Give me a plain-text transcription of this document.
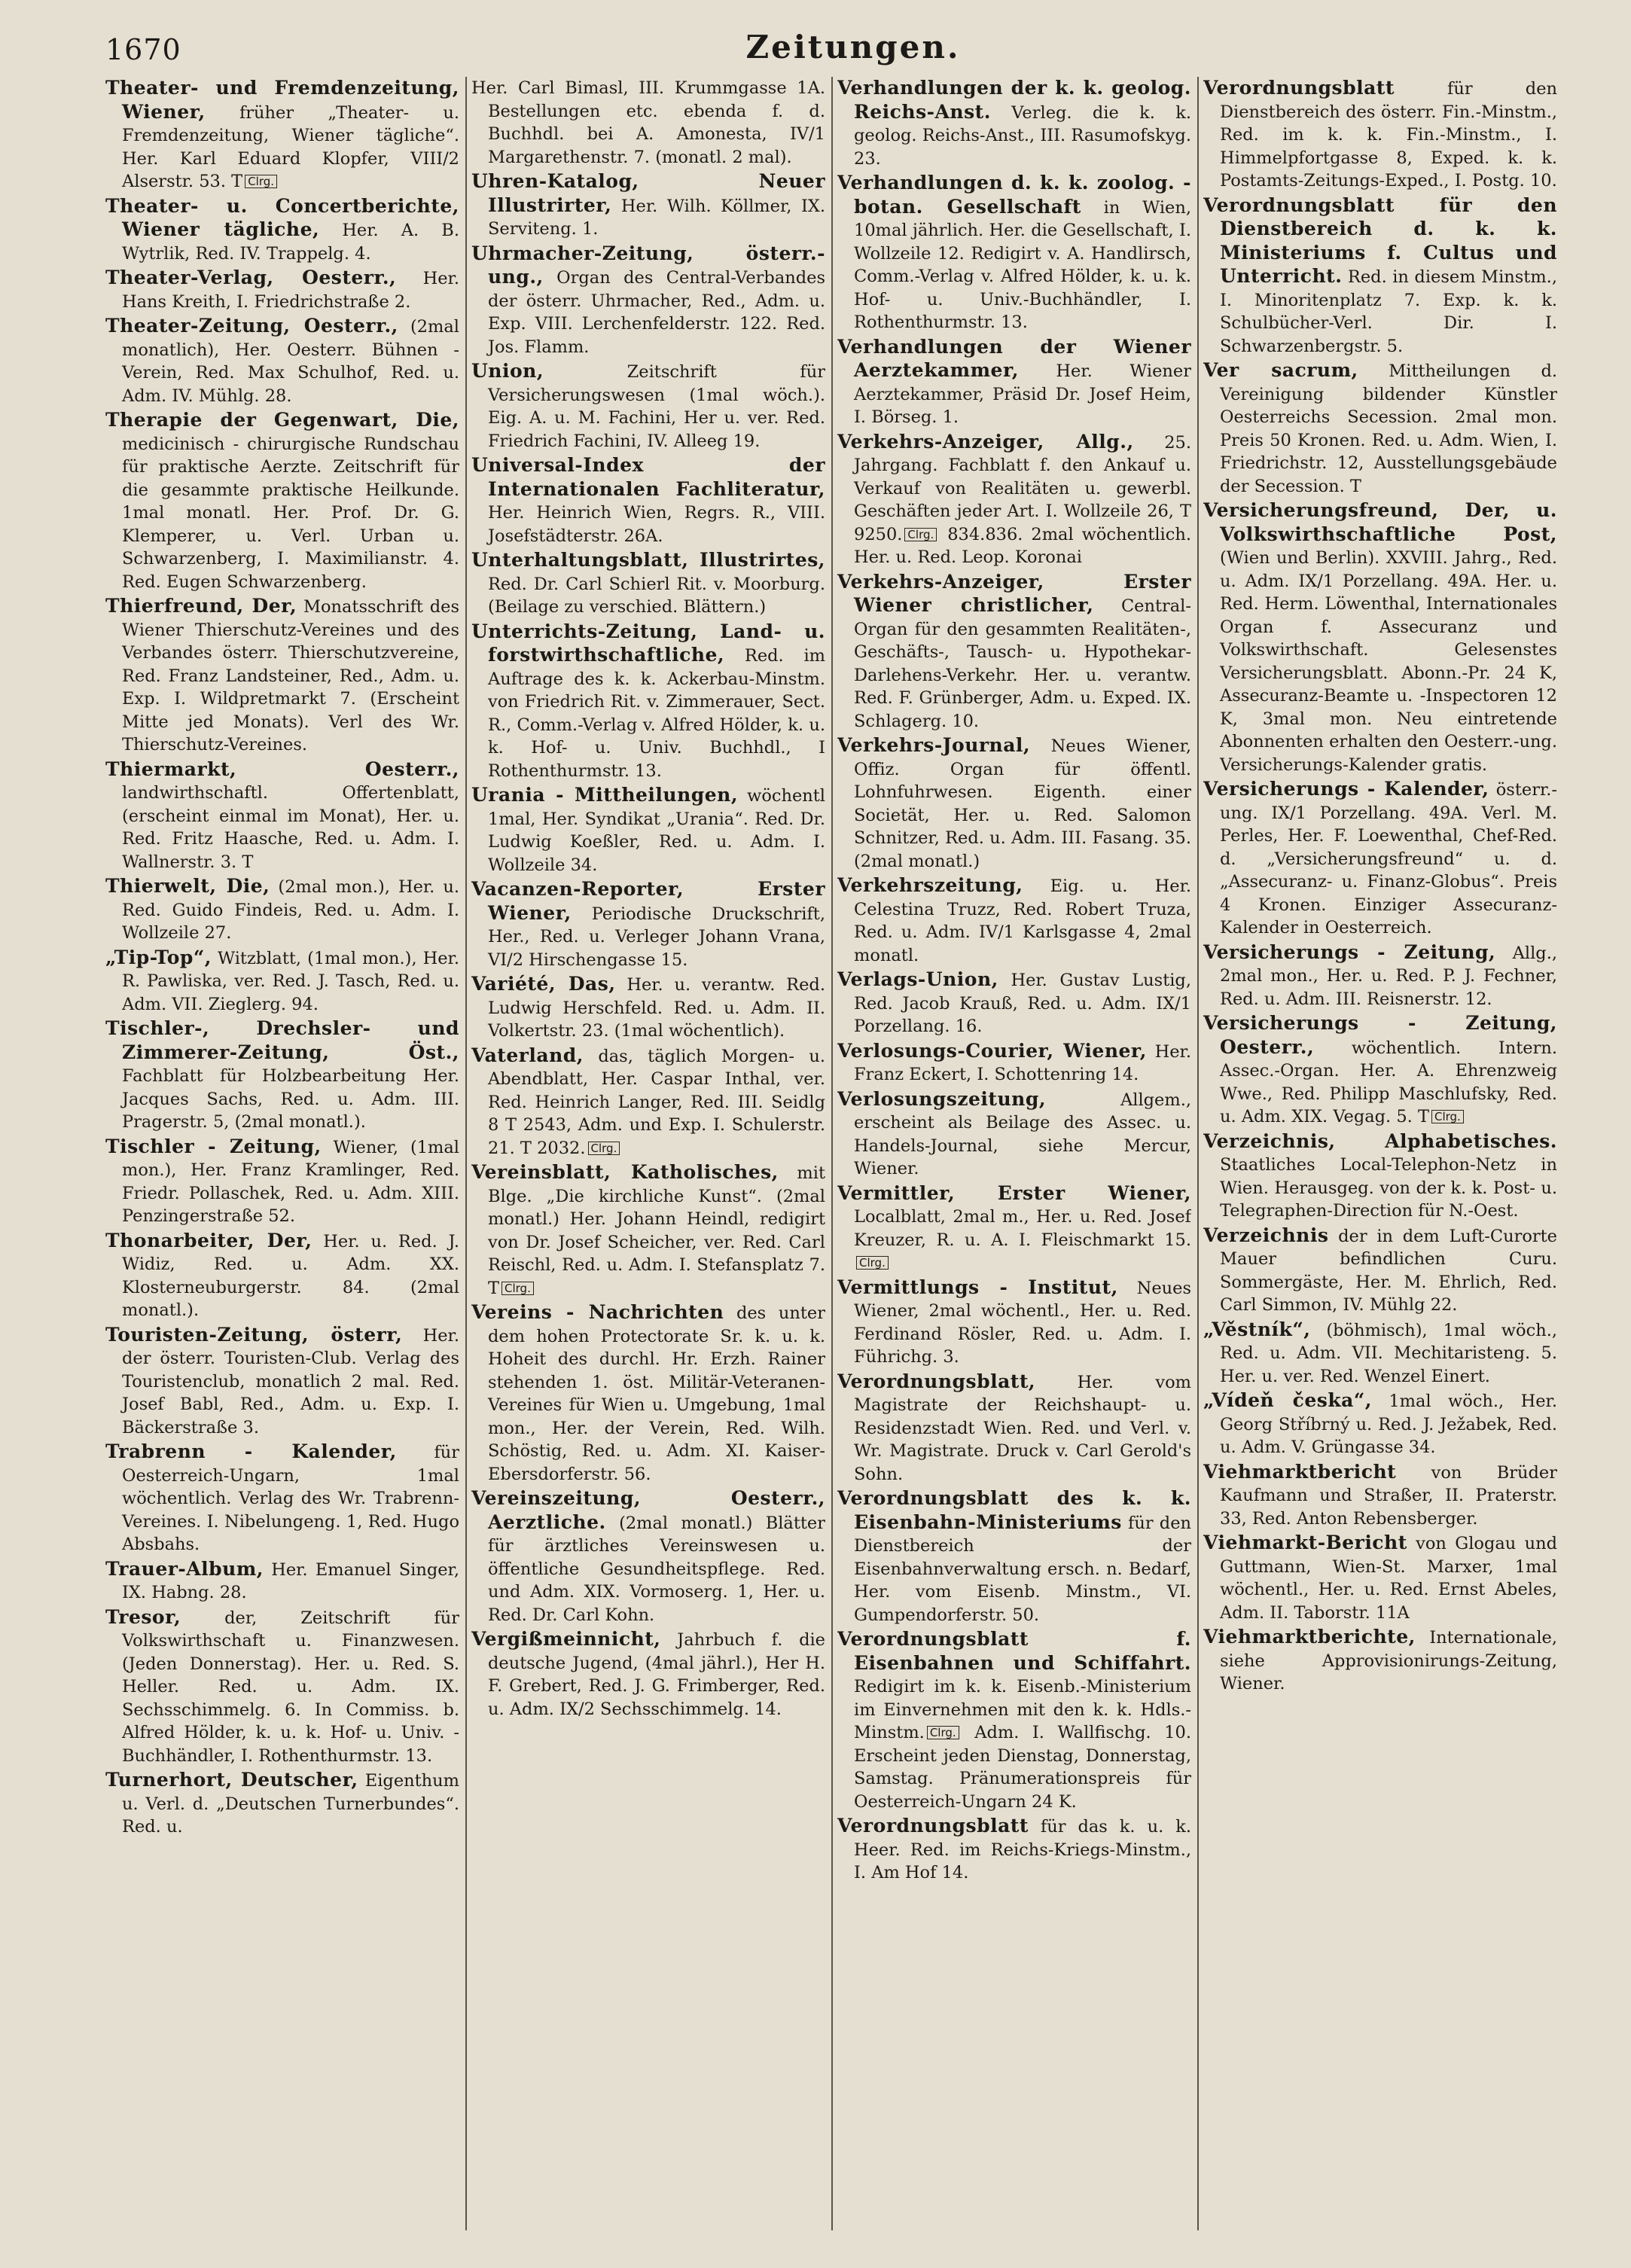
1670	Zeitungen.

Theater- und Fremdenzeitung, Wiener, früher „Theater- u. Fremdenzeitung, Wiener tägliche“. Her. Karl Eduard Klopfer, VIII/2 Alserstr. 53. T Clrg.

Theater- u. Concertberichte, Wiener tägliche, Her. A. B. Wytrlik, Red. IV. Trappelg. 4.

Theater-Verlag, Oesterr., Her. Hans Kreith, I. Friedrichstraße 2.

Theater-Zeitung, Oesterr., (2mal monatlich), Her. Oesterr. Bühnen - Verein, Red. Max Schulhof, Red. u. Adm. IV. Mühlg. 28.

Therapie der Gegenwart, Die, medicinisch - chirurgische Rundschau für praktische Aerzte. Zeitschrift für die gesammte praktische Heilkunde. 1mal monatl. Her. Prof. Dr. G. Klemperer, u. Verl. Urban u. Schwarzenberg, I. Maximilianstr. 4. Red. Eugen Schwarzenberg.

Thierfreund, Der, Monatsschrift des Wiener Thierschutz-Vereines und des Verbandes österr. Thierschutzvereine, Red. Franz Landsteiner, Red., Adm. u. Exp. I. Wildpretmarkt 7. (Erscheint Mitte jed Monats). Verl des Wr. Thierschutz-Vereines.

Thiermarkt, Oesterr., landwirthschaftl. Offertenblatt, (erscheint einmal im Monat), Her. u. Red. Fritz Haasche, Red. u. Adm. I. Wallnerstr. 3. T

Thierwelt, Die, (2mal mon.), Her. u. Red. Guido Findeis, Red. u. Adm. I. Wollzeile 27.

„Tip-Top“, Witzblatt, (1mal mon.), Her. R. Pawliska, ver. Red. J. Tasch, Red. u. Adm. VII. Zieglerg. 94.

Tischler-, Drechsler- und Zimmerer-Zeitung, Öst., Fachblatt für Holzbearbeitung Her. Jacques Sachs, Red. u. Adm. III. Pragerstr. 5, (2mal monatl.).

Tischler - Zeitung, Wiener, (1mal mon.), Her. Franz Kramlinger, Red. Friedr. Pollaschek, Red. u. Adm. XIII. Penzingerstraße 52.

Thonarbeiter, Der, Her. u. Red. J. Widiz, Red. u. Adm. XX. Klosterneuburgerstr. 84. (2mal monatl.).

Touristen-Zeitung, österr, Her. der österr. Touristen-Club. Verlag des Touristenclub, monatlich 2 mal. Red. Josef Babl, Red., Adm. u. Exp. I. Bäckerstraße 3.

Trabrenn - Kalender, für Oesterreich-Ungarn, 1mal wöchentlich. Verlag des Wr. Trabrenn-Vereines. I. Nibelungeng. 1, Red. Hugo Absbahs.

Trauer-Album, Her. Emanuel Singer, IX. Habng. 28.

Tresor,	der, Zeitschrift für Volkswirthschaft u. Finanzwesen. (Jeden Donnerstag). Her. u. Red. S. Heller. Red. u. Adm. IX. Sechsschimmelg. 6. In Commiss. b. Alfred Hölder, k. u. k. Hof- u. Univ. - Buchhändler, I. Rothenthurmstr. 13.

Turnerhort, Deutscher, Eigenthum u. Verl. d. „Deutschen Turnerbundes“. Red. u.

Her. Carl Bimasl, III. Krummgasse 1A. Bestellungen etc. ebenda f. d. Buchhdl. bei A. Amonesta, IV/1 Margarethenstr. 7. (monatl. 2 mal).

Uhren-Katalog, Neuer Illustrirter, Her. Wilh. Köllmer, IX. Servitеng. 1.

Uhrmacher-Zeitung, österr.-ung., Organ des Central-Verbandes der österr. Uhrmacher, Red., Adm. u. Exp. VIII. Lerchenfelderstr. 122. Red. Jos. Flamm.

Union,	Zeitschrift für Versicherungswesen (1mal wöch.). Eig. A. u. M. Fachini, Her u. ver. Red. Friedrich Fachini, IV. Alleeg 19.

Universal-Index der Internationalen Fachliteratur, Her. Heinrich Wien, Regrs. R., VIII. Josefstädterstr. 26A.

Unterhaltungsblatt, Illustrirtes, Red. Dr. Carl Schierl Rit. v. Moorburg. (Beilage zu verschied. Blättern.)

Unterrichts-Zeitung, Land- u. forstwirthschaftliche, Red. im Auftrage des k. k. Ackerbau-Minstm. von Friedrich Rit. v. Zimmerauer, Sect. R., Comm.-Verlag v. Alfred Hölder, k. u. k. Hof- u. Univ. Buchhdl., I Rothenthurmstr. 13.

Urania - Mittheilungen, wöchentl 1mal, Her. Syndikat „Urania“. Red. Dr. Ludwig Koeßler, Red. u. Adm. I. Wollzeile 34.

Vacanzen-Reporter, Erster Wiener, Periodische Druckschrift, Her., Red. u. Verleger Johann Vrana, VI/2 Hirschengasse 15.

Variété, Das, Her. u. verantw. Red. Ludwig Herschfeld. Red. u. Adm. II. Volkertstr. 23. (1mal wöchentlich).

Vaterland, das, täglich Morgen- u. Abendblatt, Her. Caspar Inthal, ver. Red. Heinrich Langer, Red. III. Seidlg 8 T 2543, Adm. und Exp. I. Schulerstr. 21. T 2032. Clrg.

Vereinsblatt, Katholisches, mit Blge. „Die kirchliche Kunst“. (2mal monatl.) Her. Johann Heindl, redigirt von Dr. Josef Scheicher, ver. Red. Carl Reischl, Red. u. Adm. I. Stefansplatz 7. T Clrg.

Vereins - Nachrichten des unter dem hohen Protectorate Sr. k. u. k. Hoheit des durchl. Hr. Erzh. Rainer stehenden 1. öst. Militär-Veteranen-Vereines für Wien u. Umgebung, 1mal mon., Her. der Verein, Red. Wilh. Schöstig, Red. u. Adm. XI. Kaiser-Ebersdorferstr. 56.

Vereinszeitung, Oesterr., Aerztliche. (2mal monatl.) Blätter für ärztliches Vereinswesen u. öffentliche Gesundheitspflege. Red. und Adm. XIX. Vormoserg. 1, Her. u. Red. Dr. Carl Kohn.

Vergißmeinnicht, Jahrbuch f. die deutsche Jugend, (4mal jährl.), Her H. F. Grebert, Red. J. G. Frimberger, Red. u. Adm. IX/2 Sechsschimmelg. 14.

Verhandlungen der k. k. geolog. Reichs-Anst. Verleg. die k. k. geolog. Reichs-Anst., III. Rasumofskyg. 23.

Verhandlungen d. k. k. zoolog. - botan. Gesellschaft in Wien, 10mal jährlich. Her. die Gesellschaft, I. Wollzeile 12. Redigirt v. A. Handlirsch, Comm.-Verlag v. Alfred Hölder, k. u. k. Hof- u. Univ.-Buchhändler, I. Rothenthurmstr. 13.

Verhandlungen der Wiener Aerztekammer, Her. Wiener Aerztekammer, Präsid Dr. Josef Heim, I. Börseg. 1.

Verkehrs-Anzeiger, Allg., 25. Jahrgang. Fachblatt f. den Ankauf u. Verkauf von Realitäten u. gewerbl. Geschäften jeder Art. I. Wollzeile 26, T 9250. Clrg. 834.836. 2mal wöchentlich. Her. u. Red. Leop. Koronai

Verkehrs-Anzeiger, Erster Wiener christlicher, Central-Organ für den gesammten Realitäten-, Geschäfts-, Tausch- u. Hypothekar-Darlehens-Verkehr. Her. u. verantw. Red. F. Grünberger, Adm. u. Exped. IX. Schlagerg. 10.

Verkehrs-Journal, Neues Wiener, Offiz. Organ für öffentl. Lohnfuhrwesen. Eigenth. einer Societät, Her. u. Red. Salomon Schnitzer, Red. u. Adm. III. Fasang. 35. (2mal monatl.)

Verkehrszeitung, Eig. u. Her. Celestina Truzz, Red. Robert Truza, Red. u. Adm. IV/1 Karlsgasse 4, 2mal monatl.

Verlags-Union, Her. Gustav Lustig, Red. Jacob Krauß, Red. u. Adm. IX/1 Porzellang. 16.

Verlosungs-Courier, Wiener, Her. Franz Eckert, I. Schottenring 14.

Verlosungszeitung,	Allgem., erscheint als Beilage des Assec. u. Handels-Journal, siehe Mercur, Wiener.

Vermittler, Erster Wiener, Localblatt, 2mal m., Her. u. Red. Josef Kreuzer, R. u. A. I. Fleischmarkt 15.Clrg.

Vermittlungs - Institut, Neues Wiener, 2mal wöchentl., Her. u. Red. Ferdinand Rösler, Red. u. Adm. I. Führichg. 3.

Verordnungsblatt, Her. vom Magistrate der Reichshaupt- u. Residenzstadt Wien. Red. und Verl. v. Wr. Magistrate. Druck v. Carl Gerold's Sohn.

Verordnungsblatt des k. k. Eisenbahn-Ministeriums für den Dienstbereich der Eisenbahnverwaltung ersch. n. Bedarf, Her. vom Eisenb. Minstm., VI. Gumpendorferstr. 50.

Verordnungsblatt f. Eisenbahnen und Schiffahrt. Redigirt im k. k. Eisenb.-Ministerium im Einvernehmen mit den k. k. Hdls.-Minstm. Clrg. Adm. I. Wallfischg. 10. Erscheint jeden Dienstag, Donnerstag, Samstag. Pränumerationspreis für Oesterreich-Ungarn 24 K.

Verordnungsblatt für das k. u. k. Heer. Red. im Reichs-Kriegs-Minstm., I. Am Hof 14.

Verordnungsblatt	für den Dienstbereich des österr. Fin.-Minstm., Red. im k. k. Fin.-Minstm., I. Himmelpfortgasse 8, Exped. k. k. Postamts-Zeitungs-Exped., I. Postg. 10.

Verordnungsblatt für den Dienstbereich d. k. k. Ministeriums f. Cultus und Unterricht. Red. in diesem Minstm., I. Minoritenplatz 7. Exp. k. k. Schulbücher-Verl. Dir. I. Schwarzenbergstr. 5.

Ver sacrum, Mittheilungen d. Vereinigung bildender Künstler Oesterreichs Secession. 2mal mon. Preis 50 Kronen. Red. u. Adm. Wien, I. Friedrichstr. 12, Ausstellungsgebäude der Secession. T

Versicherungsfreund, Der, u. Volkswirthschaftliche Post, (Wien und Berlin). XXVIII. Jahrg., Red. u. Adm. IX/1 Porzellang. 49A. Her. u. Red. Herm. Löwenthal, Internationales Organ f. Assecuranz und Volkswirthschaft. Gelesenstes Versicherungsblatt. Abonn.-Pr. 24 K, Assecuranz-Beamte u. -Inspectoren 12 K, 3mal mon. Neu eintretende Abonnenten erhalten den Oesterr.-ung. Versicherungs-Kalender gratis.

Versicherungs - Kalender, österr.-ung. IX/1 Porzellang. 49A. Verl. M. Perles, Her. F. Loewenthal, Chef-Red. d. „Versicherungsfreund“ u. d. „Assecuranz- u. Finanz-Globus“. Preis 4 Kronen. Einziger Assecuranz-Kalender in Oesterreich.

Versicherungs - Zeitung, Allg., 2mal mon., Her. u. Red. P. J. Fechner, Red. u. Adm. III. Reisnerstr. 12.

Versicherungs - Zeitung, Oesterr., wöchentlich. Intern. Assec.-Organ. Her. A. Ehrenzweig Wwe., Red. Philipp Maschlufsky, Red. u. Adm. XIX. Vegag. 5. T Clrg.

Verzeichnis, Alphabetisches. Staatliches Local-Telephon-Netz in Wien. Herausgeg. von der k. k. Post- u. Telegraphen-Direction für N.-Oest.

Verzeichnis der in dem Luft-Curorte Mauer befindlichen Curu. Sommergäste, Her. M. Ehrlich, Red. Carl Simmon, IV. Mühlg 22.

„Věstník“, (böhmisch), 1mal wöch., Red. u. Adm. VII. Mechitaristeng. 5. Her. u. ver. Red. Wenzel Einert.

„Vídeň česka“, 1mal wöch., Her. Georg Stříbrný u. Red. J. Ježabek, Red. u. Adm. V. Grüngasse 34.

Viehmarktbericht von Brüder Kaufmann und Straßer, II. Praterstr. 33, Red. Anton Rebensberger.

Viehmarkt-Bericht von Glogau und Guttmann, Wien-St. Marxer, 1mal wöchentl., Her. u. Red. Ernst Abeles, Adm. II. Taborstr. 11A

Viehmarktberichte, Internationale, siehe Approvisionirungs-Zeitung, Wiener.
